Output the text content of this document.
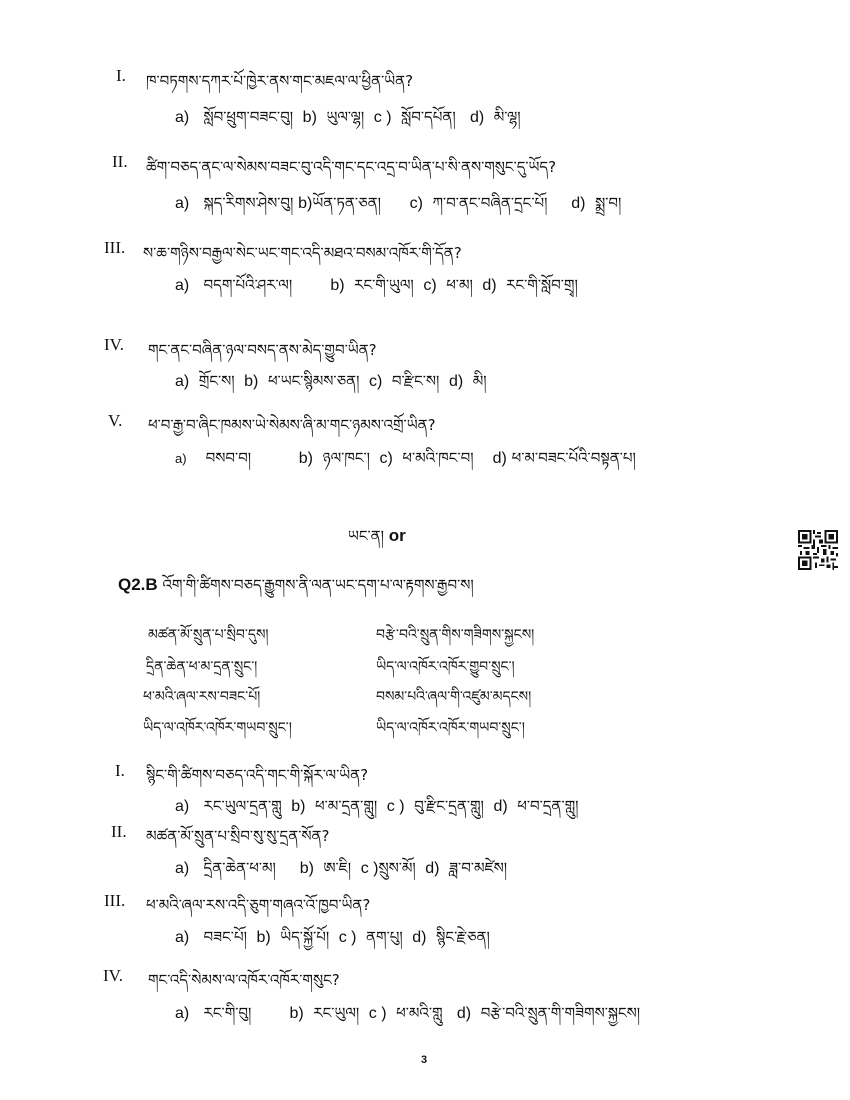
I. ཁ་བཏགས་དཀར་པོ་ཁྱེར་ནས་གང་མཇལ་ལ་ཕྱིན་ཡིན?
a) སློབ་ཕྲུག་བཟང་བུ། b) ཡུལ་ལྷ། c ) སློབ་དཔོན། d) མི་ལྷ།
II. ཚིག་བཅད་ནང་ལ་སེམས་བཟང་བུ་འདི་གང་དང་འདྲ་བ་ཡིན་པ་སི་ནས་གསུང་དུ་ཡོད?
a) སྐད་རིགས་ཤེས་བུ། b)ཡོན་ཏན་ཅན། c) ཀ་བ་ནང་བཞིན་དྲང་པོ། d) སྨྲ་བ།
III. ས་ཆ་གཉིས་བརྒྱལ་སེང་ཡང་གང་འདི་མཐའ་བསམ་འཁོར་གི་དོན?
a) བདག་པོའི་ཤར་ལ། b) རང་གི་ཡུལ། c) ཕ་མ། d) རང་གི་སློབ་གྲྭ།
IV. གང་ནང་བཞིན་ཉལ་བསད་ནས་མེད་གྱུབ་ཡིན?
a) གྲོང་ས། b) ཕ་ཡང་སྙིམས་ཅན། c) བ་རྫིང་ས། d) མི།
V. ཕ་བ་རྒྱ་བ་ཞིང་ཁམས་ཡེ་སེམས་ཞི་མ་གང་ཉམས་འགྲོ་ཡིན?
a) བསབ་བ།	b) ཉལ་ཁང་། c) ཕ་མའི་ཁང་བ། d) ཕ་མ་བཟང་པོའི་བསྟན་པ།
ཡང་ན། or
Q2.B འོག་གི་ཚིགས་བཅད་རྒྱུགས་ནི་ལན་ཡང་དག་པ་ལ་རྟགས་རྒྱབ་ས།
མཚན་མོ་སྲུན་པ་སྲིབ་དུས།
དྲིན་ཆེན་ཕ་མ་དྲན་སྲུང་།
ཕ་མའི་ཞལ་རས་བཟང་པོ།
ཡིད་ལ་འཁོར་འཁོར་གཡབ་སྲུང་།
བརྩེ་བའི་སྲུན་གིས་གཟིགས་སྐྱངས།
ཡིད་ལ་འཁོར་འཁོར་གྱུབ་སྲུང་།
བསམ་པའི་ཞལ་གི་འཛུམ་མདངས།
ཡིད་ལ་འཁོར་འཁོར་གཡབ་སྲུང་།
I. སྙིང་གི་ཚིགས་བཅད་འདི་གང་གི་སྐོར་ལ་ཡིན?
a) རང་ཡུལ་དྲན་གླུ b) ཕ་མ་དྲན་གླུ། c ) བུ་རྫིང་དྲན་གླུ། d) ཕ་བ་དྲན་གླུ།
II. མཚན་མོ་སྲུན་པ་སྲིབ་སུ་སུ་དྲན་སོན?
a) དྲིན་ཆེན་ཕ་མ། b) ཨ་ཇི། c )སྲུས་མོ། d) ཟླ་བ་མཛེས།
III. ཕ་མའི་ཞལ་རས་འདི་ཅུག་གཞའ་འོ་ཁྱབ་ཡིན?
a) བཟང་པོ། b) ཡིད་སྐྱོ་པོ། c ) ནག་པུ། d) སྙིང་རྗེ་ཅན།
IV. གང་འདི་སེམས་ལ་འཁོར་འཁོར་གསུང?
a) རང་གི་བུ། b) རང་ཡུལ། c ) ཕ་མའི་གླུ d) བརྩེ་བའི་སྲུན་གི་གཟིགས་སྐྱངས།
3
